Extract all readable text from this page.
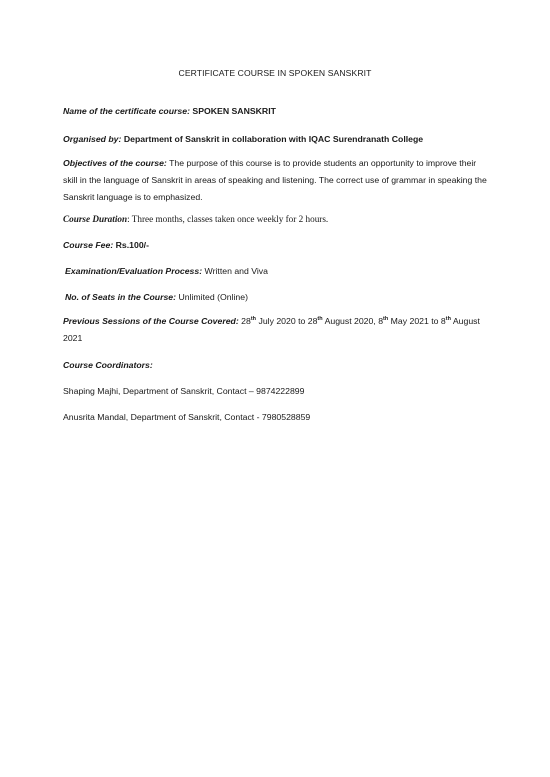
CERTIFICATE COURSE IN SPOKEN SANSKRIT
Name of the certificate course: SPOKEN SANSKRIT
Organised by: Department of Sanskrit in collaboration with IQAC Surendranath College
Objectives of the course: The purpose of this course is to provide students an opportunity to improve their skill in the language of Sanskrit in areas of speaking and listening. The correct use of grammar in speaking the Sanskrit language is to emphasized.
Course Duration: Three months, classes taken once weekly for 2 hours.
Course Fee: Rs.100/-
Examination/Evaluation Process: Written and Viva
No. of Seats in the Course: Unlimited (Online)
Previous Sessions of the Course Covered: 28th July 2020 to 28th August 2020, 8th May 2021 to 8th August 2021
Course Coordinators:
Shaping Majhi, Department of Sanskrit, Contact – 9874222899
Anusrita Mandal, Department of Sanskrit, Contact - 7980528859
